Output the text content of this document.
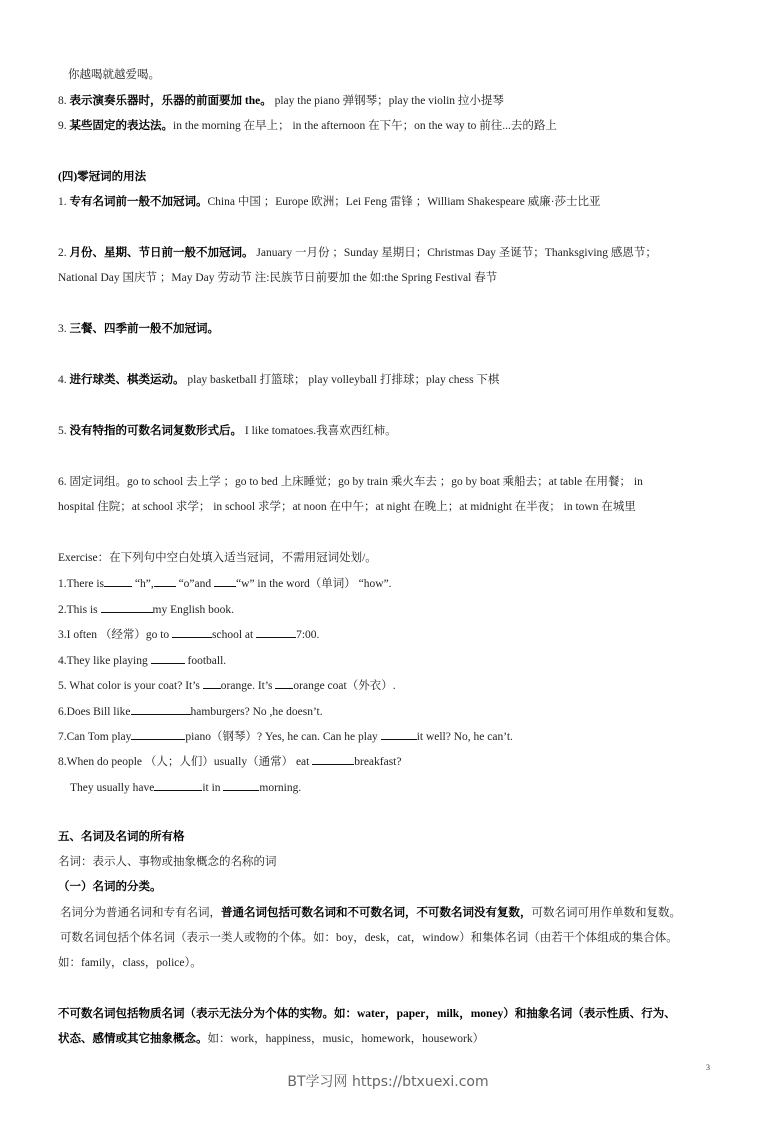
你越喝就越爱喝。
8. 表示演奏乐器时，乐器的前面要加 the。 play the piano 弹钢琴；play the violin 拉小提琴
9. 某些固定的表达法。in the morning 在早上； in the afternoon 在下午；on the way to 前往...去的路上
(四)零冠词的用法
1. 专有名词前一般不加冠词。China 中国 ；Europe 欧洲；Lei Feng 雷锋 ；William Shakespeare 威廉·莎士比亚
2. 月份、星期、节日前一般不加冠词。 January 一月份 ；Sunday 星期日；Christmas Day 圣诞节；Thanksgiving 感恩节；
National Day 国庆节 ；May Day 劳动节 注:民族节日前要加 the 如:the Spring Festival 春节
3. 三餐、四季前一般不加冠词。
4. 进行球类、棋类运动。 play basketball 打篮球； play volleyball 打排球；play chess 下棋
5. 没有特指的可数名词复数形式后。 I like tomatoes.我喜欢西红柿。
6. 固定词组。go to school 去上学 ；go to bed 上床睡觉；go by train 乘火车去 ；go by boat 乘船去；at table 在用餐； in
hospital 住院；at school 求学； in school 求学；at noon 在中午；at night 在晚上；at midnight 在半夜； in town 在城里
Exercise：在下列句中空白处填入适当冠词，不需用冠词处划/。
1.There is “h”, “o”and “w” in the word（单词） “how”.
2.This is	my English book.
3.I often （经常）go to	school at	7:00.
4.They like playing	football.
5. What color is your coat? It’s orange. It’s orange coat（外衣）.
6.Does Bill like	hamburgers? No ,he doesn’t.
7.Can Tom play	piano（钢琴）? Yes, he can. Can he play	it well? No, he can’t.
8.When do people （人；人们）usually（通常） eat	breakfast?
They usually have	it in	morning.
五、名词及名词的所有格
名词：表示人、事物或抽象概念的名称的词
（一）名词的分类。
名词分为普通名词和专有名词，普通名词包括可数名词和不可数名词，不可数名词没有复数，可数名词可用作单数和复数。
可数名词包括个体名词（表示一类人或物的个体。如：boy，desk，cat，window）和集体名词（由若干个体组成的集合体。
如：family，class，police）。
不可数名词包括物质名词（表示无法分为个体的实物。如：water，paper，milk，money）和抽象名词（表示性质、行为、
状态、感情或其它抽象概念。如：work，happiness，music，homework，housework）
3
BT学习网 https://btxuexi.com
